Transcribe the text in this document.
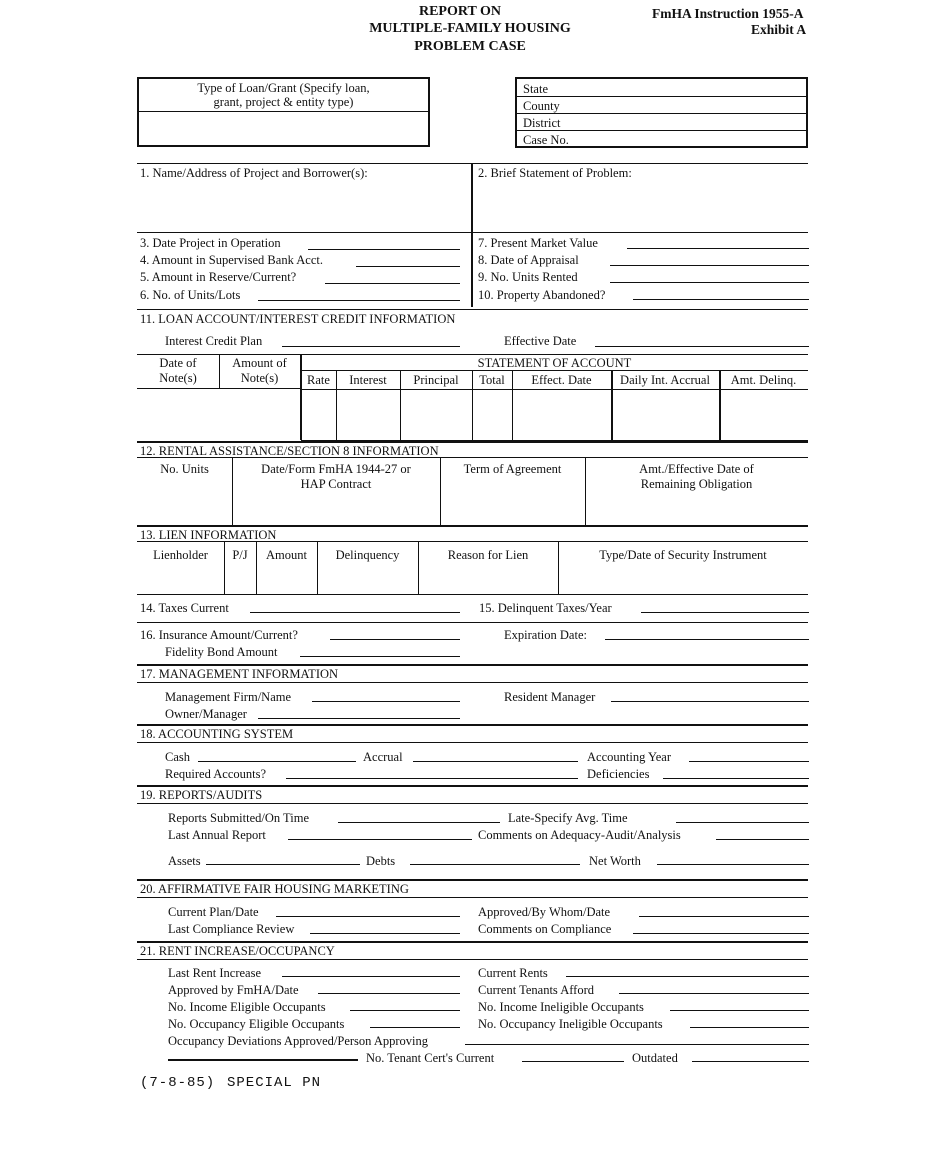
REPORT ON
MULTIPLE-FAMILY HOUSING
PROBLEM CASE
FmHA Instruction 1955-A
Exhibit A
Type of Loan/Grant (Specify loan,
grant, project & entity type)
State
County
District
Case No.
1. Name/Address of Project and Borrower(s):	2. Brief Statement of Problem:
3. Date Project in Operation
4. Amount in Supervised Bank Acct.
5. Amount in Reserve/Current?
6. No. of Units/Lots
7. Present Market Value
8. Date of Appraisal
9. No. Units Rented
10. Property Abandoned?
11. LOAN ACCOUNT/INTEREST CREDIT INFORMATION
Interest Credit Plan	Effective Date
Date of
Note(s)
Amount of
Note(s)
STATEMENT OF ACCOUNT
Rate	Interest	Principal	Total	Effect. Date	Daily Int. Accrual	Amt. Delinq.
12. RENTAL ASSISTANCE/SECTION 8 INFORMATION
No. Units	Date/Form FmHA 1944-27 or
HAP Contract
Term of Agreement	Amt./Effective Date of
Remaining Obligation
13. LIEN INFORMATION
Lienholder	P/J	Amount	Delinquency	Reason for Lien	Type/Date of Security Instrument
14. Taxes Current	15. Delinquent Taxes/Year
16. Insurance Amount/Current?	Expiration Date:
Fidelity Bond Amount
17. MANAGEMENT INFORMATION
Management Firm/Name	Resident Manager
Owner/Manager
18. ACCOUNTING SYSTEM
Cash	Accrual	Accounting Year
Required Accounts?	Deficiencies
19. REPORTS/AUDITS
Reports Submitted/On Time	Late-Specify Avg. Time
Last Annual Report	Comments on Adequacy-Audit/Analysis
Assets	Debts	Net Worth
20. AFFIRMATIVE FAIR HOUSING MARKETING
Current Plan/Date	Approved/By Whom/Date
Last Compliance Review	Comments on Compliance
21. RENT INCREASE/OCCUPANCY
Last Rent Increase	Current Rents
Approved by FmHA/Date	Current Tenants Afford
No. Income Eligible Occupants	No. Income Ineligible Occupants
No. Occupancy Eligible Occupants	No. Occupancy Ineligible Occupants
Occupancy Deviations Approved/Person Approving
No. Tenant Cert's Current	Outdated
(7-8-85) SPECIAL PN
